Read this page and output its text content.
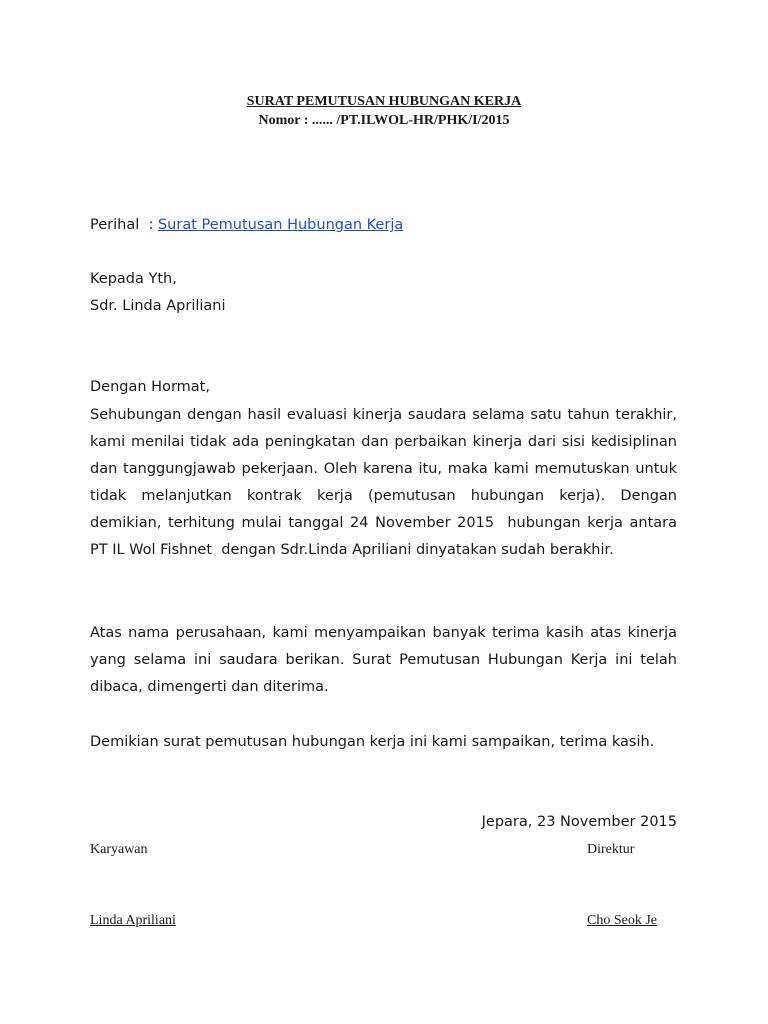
SURAT PEMUTUSAN HUBUNGAN KERJA
Nomor : ...... /PT.ILWOL-HR/PHK/I/2015
Perihal  : Surat Pemutusan Hubungan Kerja
Kepada Yth,
Sdr. Linda Apriliani
Dengan Hormat,
Sehubungan dengan hasil evaluasi kinerja saudara selama satu tahun terakhir, kami menilai tidak ada peningkatan dan perbaikan kinerja dari sisi kedisiplinan dan tanggungjawab pekerjaan. Oleh karena itu, maka kami memutuskan untuk tidak melanjutkan kontrak kerja (pemutusan hubungan kerja). Dengan demikian, terhitung mulai tanggal 24 November 2015  hubungan kerja antara PT IL Wol Fishnet  dengan Sdr.Linda Apriliani dinyatakan sudah berakhir.
Atas nama perusahaan, kami menyampaikan banyak terima kasih atas kinerja yang selama ini saudara berikan. Surat Pemutusan Hubungan Kerja ini telah dibaca, dimengerti dan diterima.
Demikian surat pemutusan hubungan kerja ini kami sampaikan, terima kasih.
Jepara, 23 November 2015
Karyawan	Direktur
Linda Apriliani	Cho Seok Je
